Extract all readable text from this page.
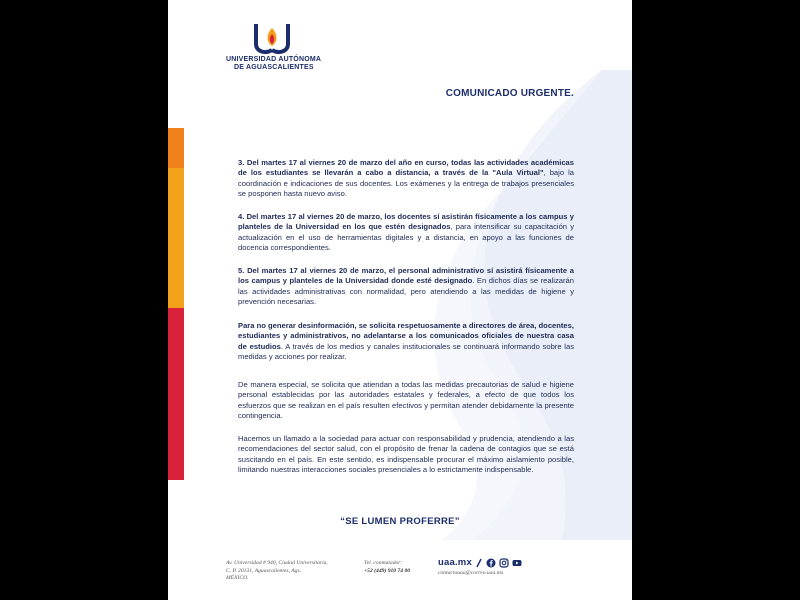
UNIVERSIDAD AUTÓNOMA
DE AGUASCALIENTES
COMUNICADO URGENTE.
3. Del martes 17 al viernes 20 de marzo del año en curso, todas las actividades académicas de los estudiantes se llevarán a cabo a distancia, a través de la "Aula Virtual", bajo la coordinación e indicaciones de sus docentes. Los exámenes y la entrega de trabajos presenciales se posponen hasta nuevo aviso.
4. Del martes 17 al viernes 20 de marzo, los docentes sí asistirán físicamente a los campus y planteles de la Universidad en los que estén designados, para intensificar su capacitación y actualización en el uso de herramientas digitales y a distancia, en apoyo a las funciones de docencia correspondientes.
5. Del martes 17 al viernes 20 de marzo, el personal administrativo sí asistirá físicamente a los campus y planteles de la Universidad donde esté designado. En dichos días se realizarán las actividades administrativas con normalidad, pero atendiendo a las medidas de higiene y prevención necesarias.
Para no generar desinformación, se solicita respetuosamente a directores de área, docentes, estudiantes y administrativos, no adelantarse a los comunicados oficiales de nuestra casa de estudios. A través de los medios y canales institucionales se continuará informando sobre las medidas y acciones por realizar.
De manera especial, se solicita que atiendan a todas las medidas precautorias de salud e higiene personal establecidas por las autoridades estatales y federales, a efecto de que todos los esfuerzos que se realizan en el país resulten efectivos y permitan atender debidamente la presente contingencia.
Hacemos un llamado a la sociedad para actuar con responsabilidad y prudencia, atendiendo a las recomendaciones del sector salud, con el propósito de frenar la cadena de contagios que se está suscitando en el país. En este sentido, es indispensable procurar el máximo aislamiento posible, limitando nuestras interacciones sociales presenciales a lo estrictamente indispensable.
“SE LUMEN PROFERRE”
Av. Universidad # 940, Ciudad Universitaria,
C. P. 20131, Aguascalientes, Ags.
MÉXICO.
Tel. conmutador:
+52 (449) 910 74 00
uaa.mx
contactouaa@correo.uaa.mx
